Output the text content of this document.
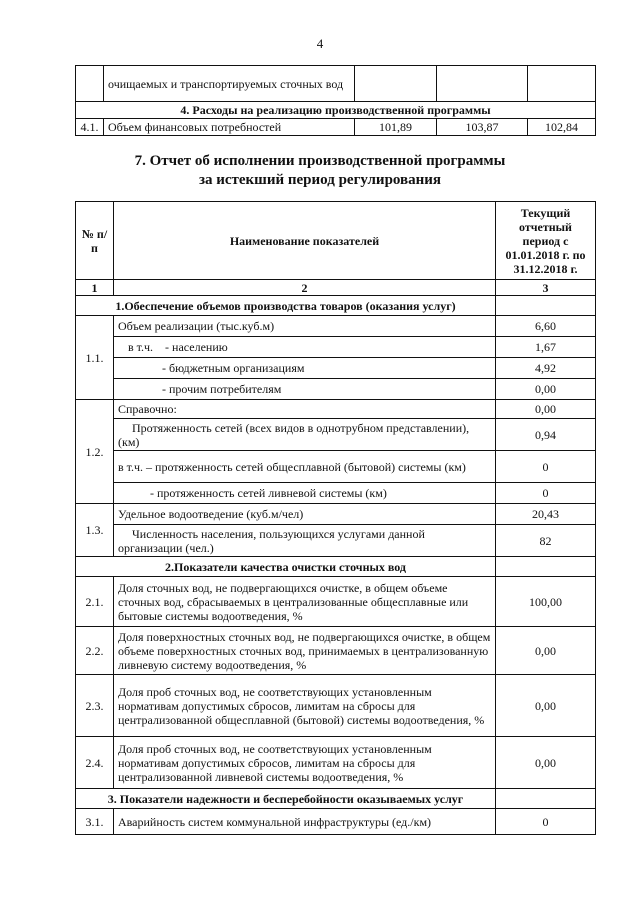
4
	очищаемых и транспортируемых сточных вод			
4. Расходы на реализацию производственной программы				
4.1.	Объем финансовых потребностей	101,89	103,87	102,84
7. Отчет об исполнении производственной программы
за истекший период регулирования
№ п/п	Наименование показателей	Текущий отчетный период с 01.01.2018 г. по 31.12.2018 г.
1	2	3
1.Обеспечение объемов производства товаров (оказания услуг)		
1.1.	Объем реализации (тыс.куб.м)	6,60
	в т.ч. - населению	1,67
	- бюджетным организациям	4,92
	- прочим потребителям	0,00
1.2.	Справочно:	0,00
	Протяженность сетей (всех видов в однотрубном представлении), (км)	0,94
	в т.ч. – протяженность сетей общесплавной (бытовой) системы (км)	0
	- протяженность сетей ливневой системы (км)	0
1.3.	Удельное водоотведение (куб.м/чел)	20,43
	Численность населения, пользующихся услугами данной организации (чел.)	82
2.Показатели качества очистки сточных вод		
2.1.	Доля сточных вод, не подвергающихся очистке, в общем объеме сточных вод, сбрасываемых в централизованные общесплавные или бытовые системы водоотведения, %	100,00
2.2.	Доля поверхностных сточных вод, не подвергающихся очистке, в общем объеме поверхностных сточных вод, принимаемых в централизованную ливневую систему водоотведения, %	0,00
2.3.	Доля проб сточных вод, не соответствующих установленным нормативам допустимых сбросов, лимитам на сбросы для централизованной общесплавной (бытовой) системы водоотведения, %	0,00
2.4.	Доля проб сточных вод, не соответствующих установленным нормативам допустимых сбросов, лимитам на сбросы для централизованной ливневой системы водоотведения, %	0,00
3. Показатели надежности и бесперебойности оказываемых услуг		
3.1.	Аварийность систем коммунальной инфраструктуры (ед./км)	0
